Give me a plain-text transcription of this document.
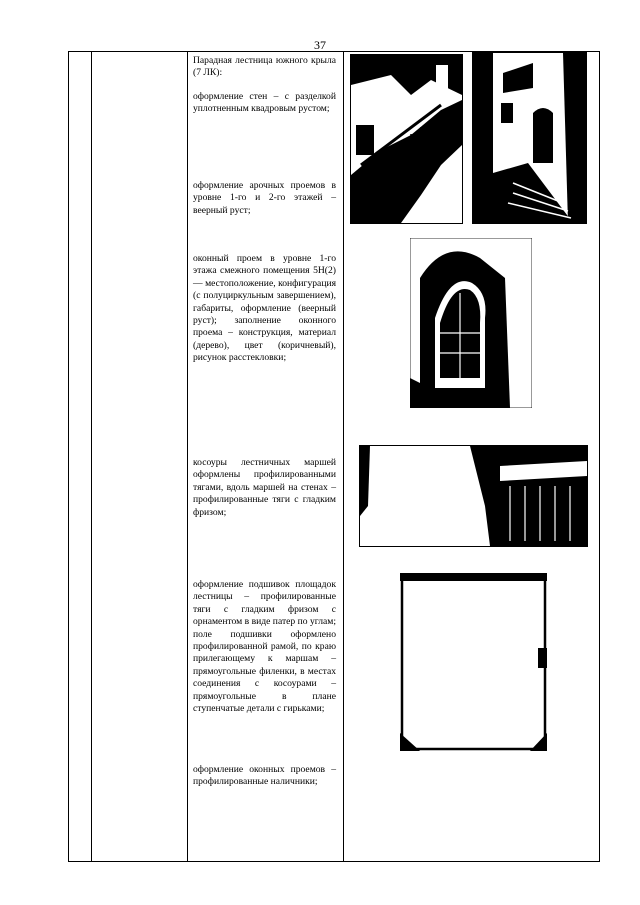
37
Парадная лестница южного крыла (7 ЛК):
оформление стен – с разделкой уплотненным квадровым рустом;
оформление арочных проемов в уровне 1-го и 2-го этажей – веерный руст;
оконный проем в уровне 1-го этажа смежного помещения 5Н(2) — местоположение, конфигурация (с полуциркульным завершением), габариты, оформление (веерный руст); заполнение оконного проема – конструкция, материал (дерево), цвет (коричневый), рисунок расстекловки;
косоуры лестничных маршей оформлены профилированными тягами, вдоль маршей на стенах – профилированные тяги с гладким фризом;
оформление подшивок площадок лестницы – профилированные тяги с гладким фризом с орнаментом в виде патер по углам; поле подшивки оформлено профилированной рамой, по краю прилегающему к маршам – прямоугольные филенки, в местах соединения с косоурами – прямоугольные в плане ступенчатые детали с гирьками;
оформление оконных проемов – профилированные наличники;
